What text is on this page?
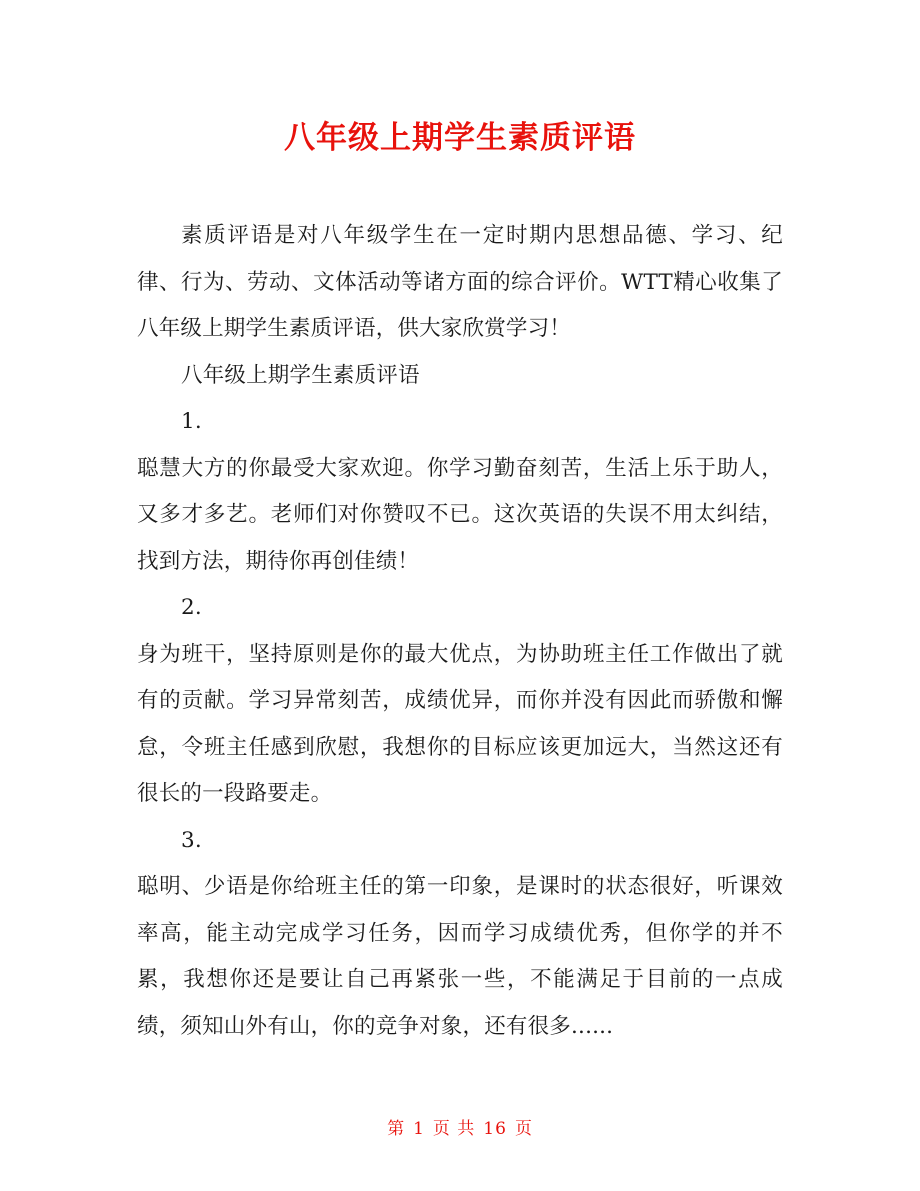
八年级上期学生素质评语

素质评语是对八年级学生在一定时期内思想品德、学习、纪律、行为、劳动、文体活动等诸方面的综合评价。WTT精心收集了八年级上期学生素质评语，供大家欣赏学习！

八年级上期学生素质评语

1.

聪慧大方的你最受大家欢迎。你学习勤奋刻苦，生活上乐于助人，又多才多艺。老师们对你赞叹不已。这次英语的失误不用太纠结，找到方法，期待你再创佳绩！

2.

身为班干，坚持原则是你的最大优点，为协助班主任工作做出了就有的贡献。学习异常刻苦，成绩优异，而你并没有因此而骄傲和懈怠，令班主任感到欣慰，我想你的目标应该更加远大，当然这还有很长的一段路要走。

3.

聪明、少语是你给班主任的第一印象，是课时的状态很好，听课效率高，能主动完成学习任务，因而学习成绩优秀，但你学的并不累，我想你还是要让自己再紧张一些，不能满足于目前的一点成绩，须知山外有山，你的竞争对象，还有很多......

第 1 页 共 16 页
